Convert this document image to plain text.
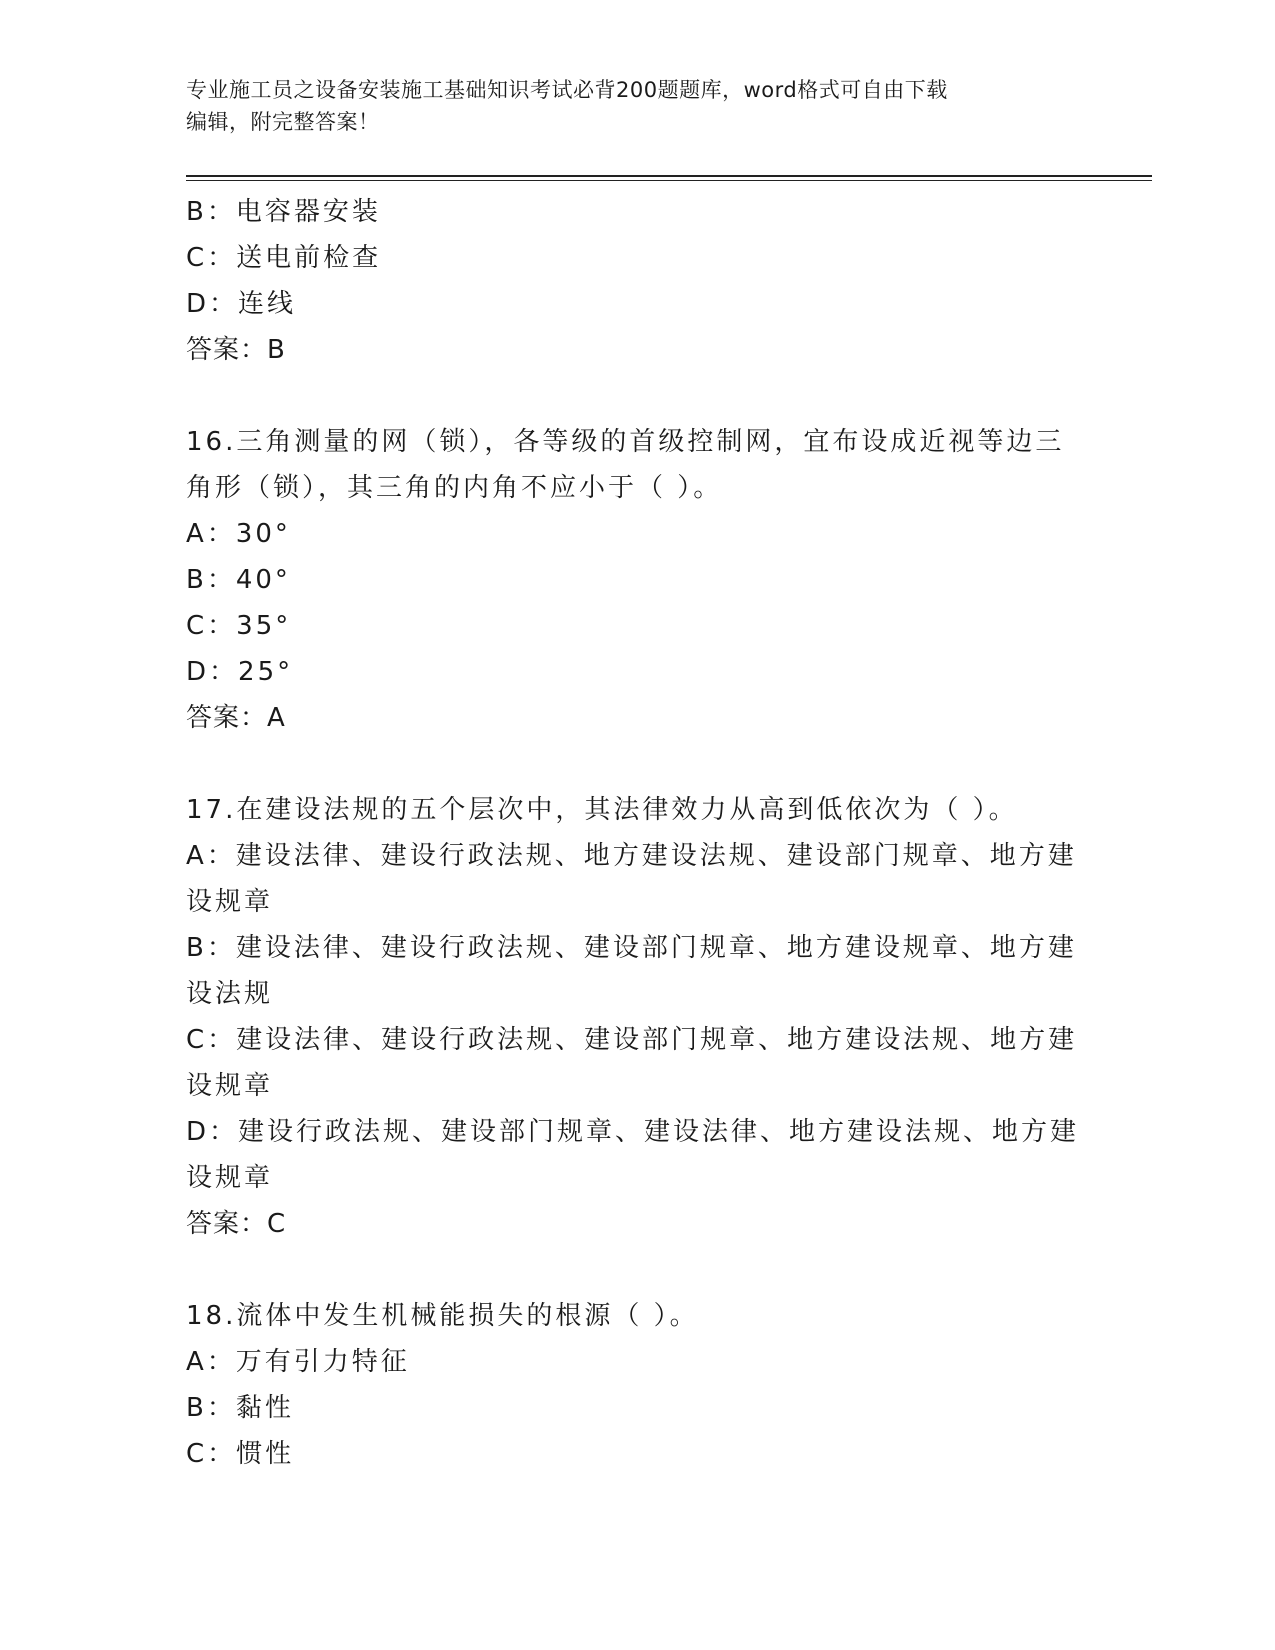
专业施工员之设备安装施工基础知识考试必背200题题库，word格式可自由下载
编辑，附完整答案！
B：电容器安装
C：送电前检查
D：连线
答案：B
16.三角测量的网（锁），各等级的首级控制网，宜布设成近视等边三
角形（锁），其三角的内角不应小于（ ）。
A：30°
B：40°
C：35°
D：25°
答案：A
17.在建设法规的五个层次中，其法律效力从高到低依次为（ ）。
A：建设法律、建设行政法规、地方建设法规、建设部门规章、地方建
设规章
B：建设法律、建设行政法规、建设部门规章、地方建设规章、地方建
设法规
C：建设法律、建设行政法规、建设部门规章、地方建设法规、地方建
设规章
D：建设行政法规、建设部门规章、建设法律、地方建设法规、地方建
设规章
答案：C
18.流体中发生机械能损失的根源（ ）。
A：万有引力特征
B：黏性
C：惯性
